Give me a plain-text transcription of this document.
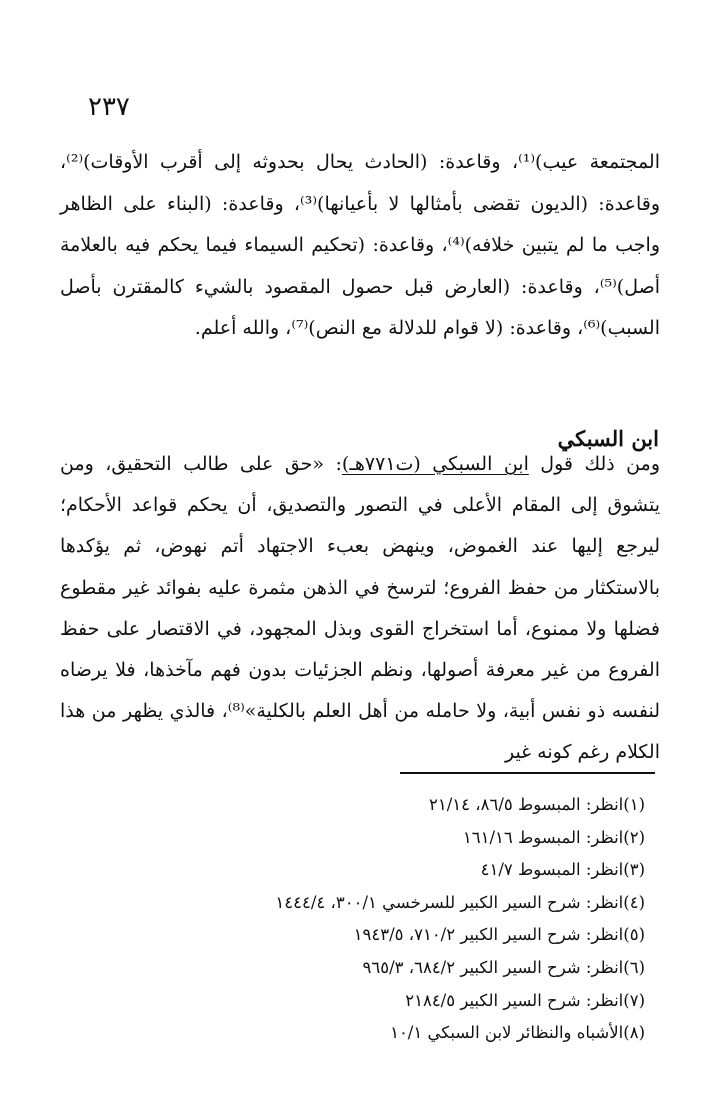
٢٣٧

المجتمعة عيب)⁽¹⁾، وقاعدة: (الحادث يحال بحدوثه إلى أقرب الأوقات)⁽²⁾، وقاعدة: (الديون تقضى بأمثالها لا بأعيانها)⁽³⁾، وقاعدة: (البناء على الظاهر واجب ما لم يتبين خلافه)⁽⁴⁾، وقاعدة: (تحكيم السيماء فيما يحكم فيه بالعلامة أصل)⁽⁵⁾، وقاعدة: (العارض قبل حصول المقصود بالشيء كالمقترن بأصل السبب)⁽⁶⁾، وقاعدة: (لا قوام للدلالة مع النص)⁽⁷⁾، والله أعلم.

ابن السبكي

ومن ذلك قول ابن السبكي (ت٧٧١هـ): «حق على طالب التحقيق، ومن يتشوق إلى المقام الأعلى في التصور والتصديق، أن يحكم قواعد الأحكام؛ ليرجع إليها عند الغموض، وينهض بعبء الاجتهاد أتم نهوض، ثم يؤكدها بالاستكثار من حفظ الفروع؛ لترسخ في الذهن مثمرة عليه بفوائد غير مقطوع فضلها ولا ممنوع، أما استخراج القوى وبذل المجهود، في الاقتصار على حفظ الفروع من غير معرفة أصولها، ونظم الجزئيات بدون فهم مآخذها، فلا يرضاه لنفسه ذو نفس أبية، ولا حامله من أهل العلم بالكلية»⁽⁸⁾، فالذي يظهر من هذا الكلام رغم كونه غير

(١)انظر: المبسوط ٨٦/٥، ٢١/١٤
(٢)انظر: المبسوط ١٦١/١٦
(٣)انظر: المبسوط ٤١/٧
(٤)انظر: شرح السير الكبير للسرخسي ٣٠٠/١، ١٤٤٤/٤
(٥)انظر: شرح السير الكبير ٧١٠/٢، ١٩٤٣/٥
(٦)انظر: شرح السير الكبير ٦٨٤/٢، ٩٦٥/٣
(٧)انظر: شرح السير الكبير ٢١٨٤/٥
(٨)الأشباه والنظائر لابن السبكي ١٠/١
